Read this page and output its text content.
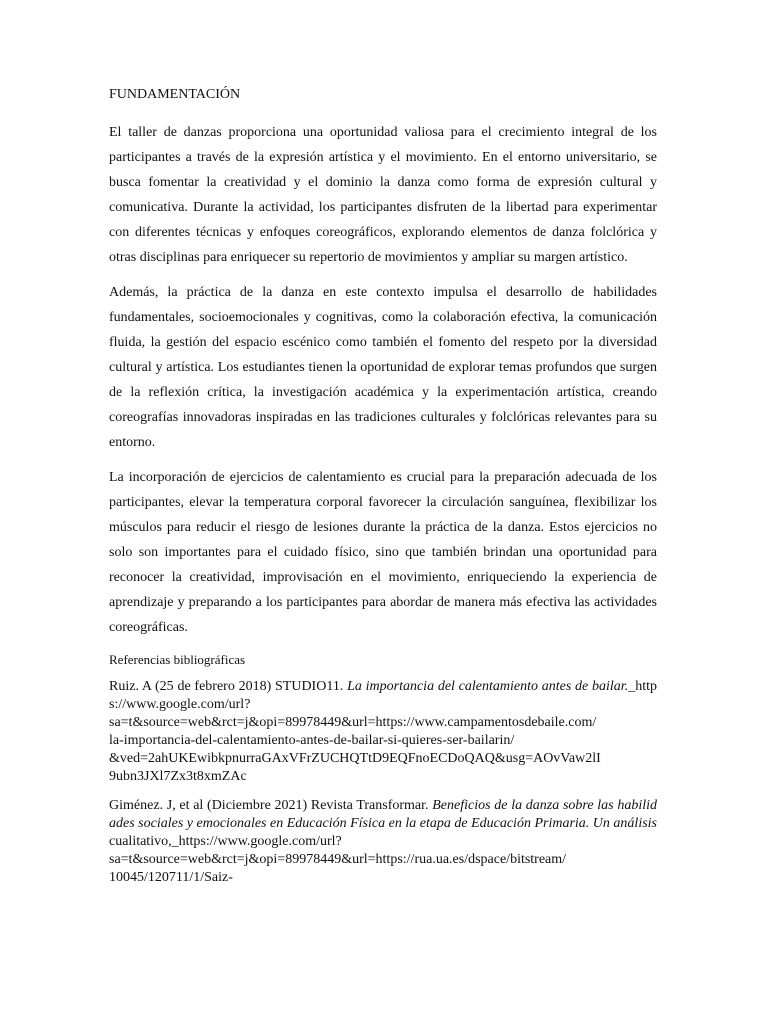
FUNDAMENTACIÓN

El taller de danzas proporciona una oportunidad valiosa para el crecimiento integral de los participantes a través de la expresión artística y el movimiento. En el entorno universitario, se busca fomentar la creatividad y el dominio la danza como forma de expresión cultural y comunicativa. Durante la actividad, los participantes disfruten de la libertad para experimentar con diferentes técnicas y enfoques coreográficos, explorando elementos de danza folclórica y otras disciplinas para enriquecer su repertorio de movimientos y ampliar su margen artístico.

Además, la práctica de la danza en este contexto impulsa el desarrollo de habilidades fundamentales, socioemocionales y cognitivas, como la colaboración efectiva, la comunicación fluida, la gestión del espacio escénico como también el fomento del respeto por la diversidad cultural y artística. Los estudiantes tienen la oportunidad de explorar temas profundos que surgen de la reflexión crítica, la investigación académica y la experimentación artística, creando coreografías innovadoras inspiradas en las tradiciones culturales y folclóricas relevantes para su entorno.

La incorporación de ejercicios de calentamiento es crucial para la preparación adecuada de los participantes, elevar la temperatura corporal favorecer la circulación sanguínea, flexibilizar los músculos para reducir el riesgo de lesiones durante la práctica de la danza. Estos ejercicios no solo son importantes para el cuidado físico, sino que también brindan una oportunidad para reconocer la creatividad, improvisación en el movimiento, enriqueciendo la experiencia de aprendizaje y preparando a los participantes para abordar de manera más efectiva las actividades coreográficas.

Referencias bibliográficas
Ruiz. A (25 de febrero 2018) STUDIO11. La importancia del calentamiento antes de bailar._https://www.google.com/url?
sa=t&source=web&rct=j&opi=89978449&url=https://www.campamentosdebaile.com/
la-importancia-del-calentamiento-antes-de-bailar-si-quieres-ser-bailarin/
&ved=2ahUKEwibkpnurraGAxVFrZUCHQTtD9EQFnoECDoQAQ&usg=AOvVaw2lI
9ubn3JXl7Zx3t8xmZAc
Giménez. J, et al (Diciembre 2021) Revista Transformar. Beneficios de la danza sobre las habilidades sociales y emocionales en Educación Física en la etapa de Educación Primaria. Un análisis cualitativo,_https://www.google.com/url?
sa=t&source=web&rct=j&opi=89978449&url=https://rua.ua.es/dspace/bitstream/
10045/120711/1/Saiz-
